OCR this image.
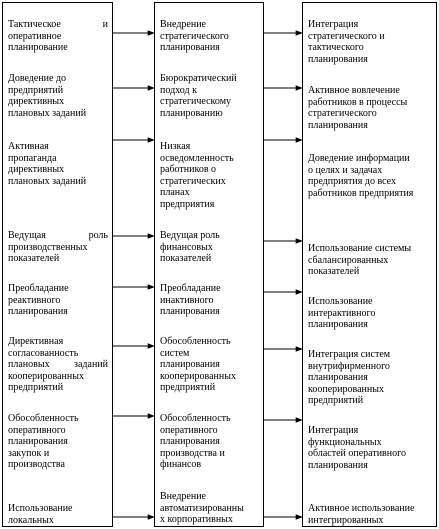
Тактическое и
оперативное
планирование
Доведение до
предприятий
директивных
плановых заданий
Активная
пропаганда
директивных
плановых заданий
Ведущая роль
производственных
показателей
Преобладание
реактивного
планирования
Директивная
согласованность
плановых заданий
кооперированных
предприятий
Обособленность
оперативного
планирования
закупок и
производства
Использование
локальных
Внедрение
стратегического
планирования
Бюрократический
подход к
стратегическому
планированию
Низкая
осведомленность
работников о
стратегических
планах
предприятия
Ведущая роль
финансовых
показателей
Преобладание
инактивного
планирования
Обособленность
систем
планирования
кооперированных
предприятий
Обособленность
оперативного
планирования
производства и
финансов
Внедрение
автоматизированны
х корпоративных
Интеграция
стратегического и
тактического
планирования
Активное вовлечение
работников в процессы
стратегического
планирования
Доведение информации
о целях и задачах
предприятия до всех
работников предприятия
Использование системы
сбалансированных
показателей
Использование
интерактивного
планирования
Интеграция систем
внутрифирменного
планирования
кооперированных
предприятий
Интеграция
функциональных
областей оперативного
планирования
Активное использование
интегрированных
